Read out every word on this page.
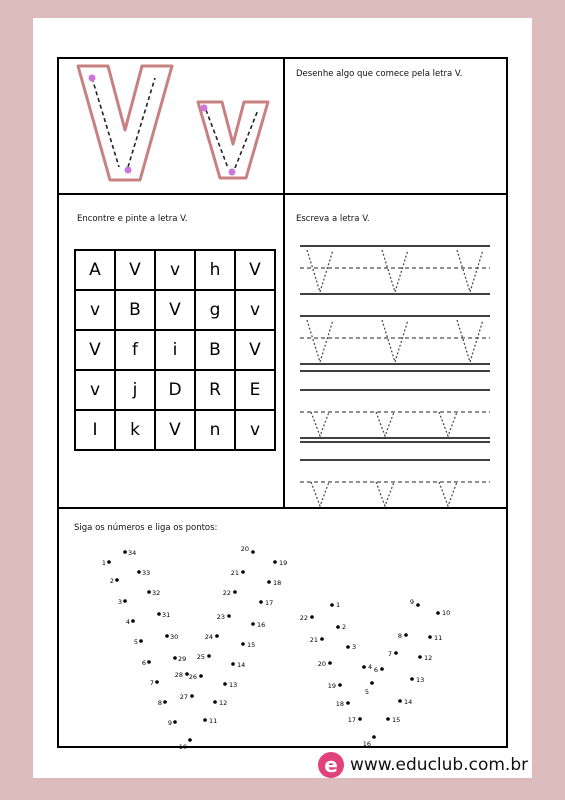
Desenhe algo que comece pela letra V.
Encontre e pinte a letra V.	Escreva a letra V.
Siga os números e liga os pontos:
A	V	v	h	V
v	B	V	g	v
V	f	i	B	V
v	j	D	R	E
I	k	V	n	v
1
2
3
4
5
6
7
8
9
10
11
12
13
14
15
16
17
18
19
20
21
22
23
24
25
26
27
28
29
30
31
32
33
34
1
2
3
4
5
6
7
8
9
10
11
12
13
14
15
16
17
18
19
20
21
22
e www.educlub.com.br
